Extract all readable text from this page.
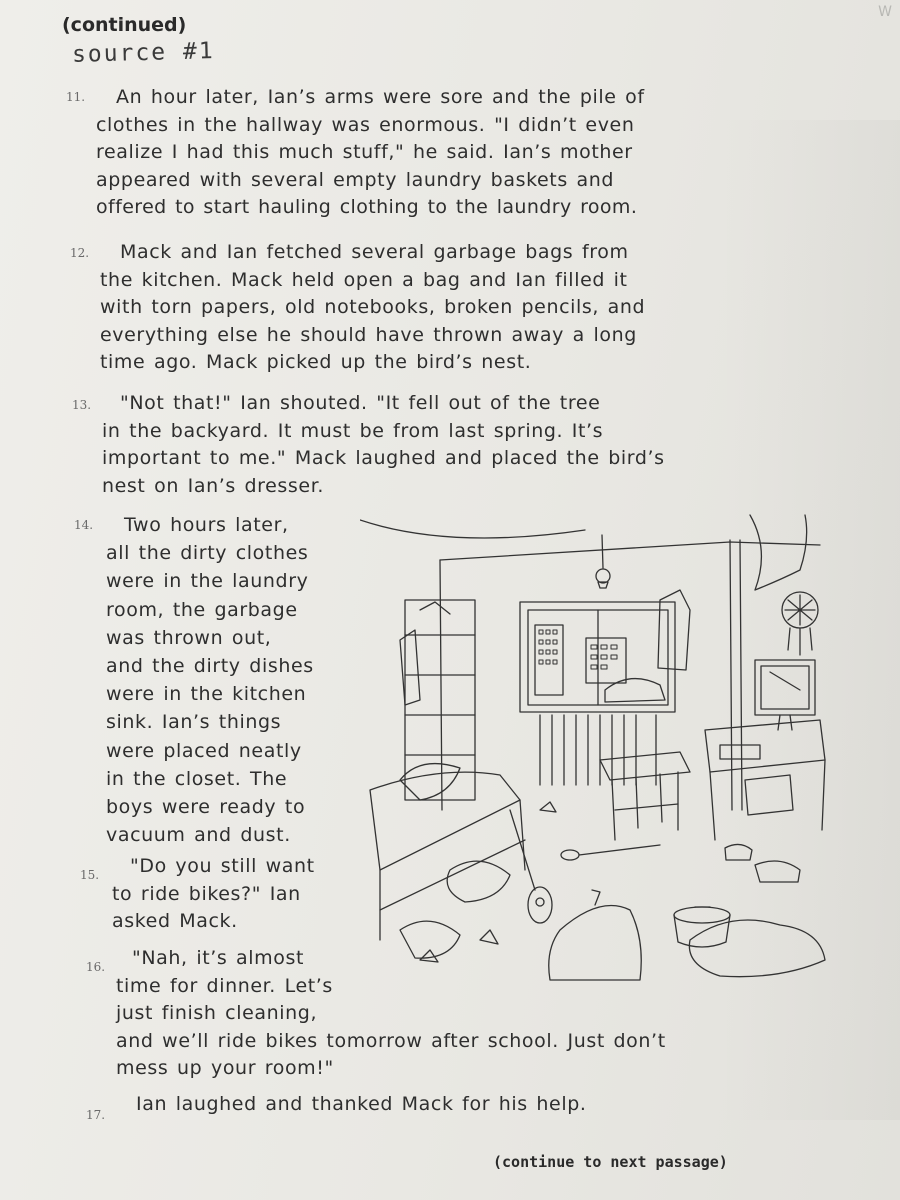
W
(continued)
source #1
11.	An hour later, Ian’s arms were sore and the pile of
clothes in the hallway was enormous. "I didn’t even
realize I had this much stuff," he said. Ian’s mother
appeared with several empty laundry baskets and
offered to start hauling clothing to the laundry room.
12.	Mack and Ian fetched several garbage bags from
the kitchen. Mack held open a bag and Ian filled it
with torn papers, old notebooks, broken pencils, and
everything else he should have thrown away a long
time ago. Mack picked up the bird’s nest.
13.	"Not that!" Ian shouted. "It fell out of the tree
in the backyard. It must be from last spring. It’s
important to me." Mack laughed and placed the bird’s
nest on Ian’s dresser.
14.	Two hours later,
all the dirty clothes
were in the laundry
room, the garbage
was thrown out,
and the dirty dishes
were in the kitchen
sink. Ian’s things
were placed neatly
in the closet. The
boys were ready to
vacuum and dust.
15.	"Do you still want
to ride bikes?" Ian
asked Mack.
16.	"Nah, it’s almost
time for dinner. Let’s
just finish cleaning,
and we’ll ride bikes tomorrow after school. Just don’t
mess up your room!"
17. Ian laughed and thanked Mack for his help.
(continue to next passage)
